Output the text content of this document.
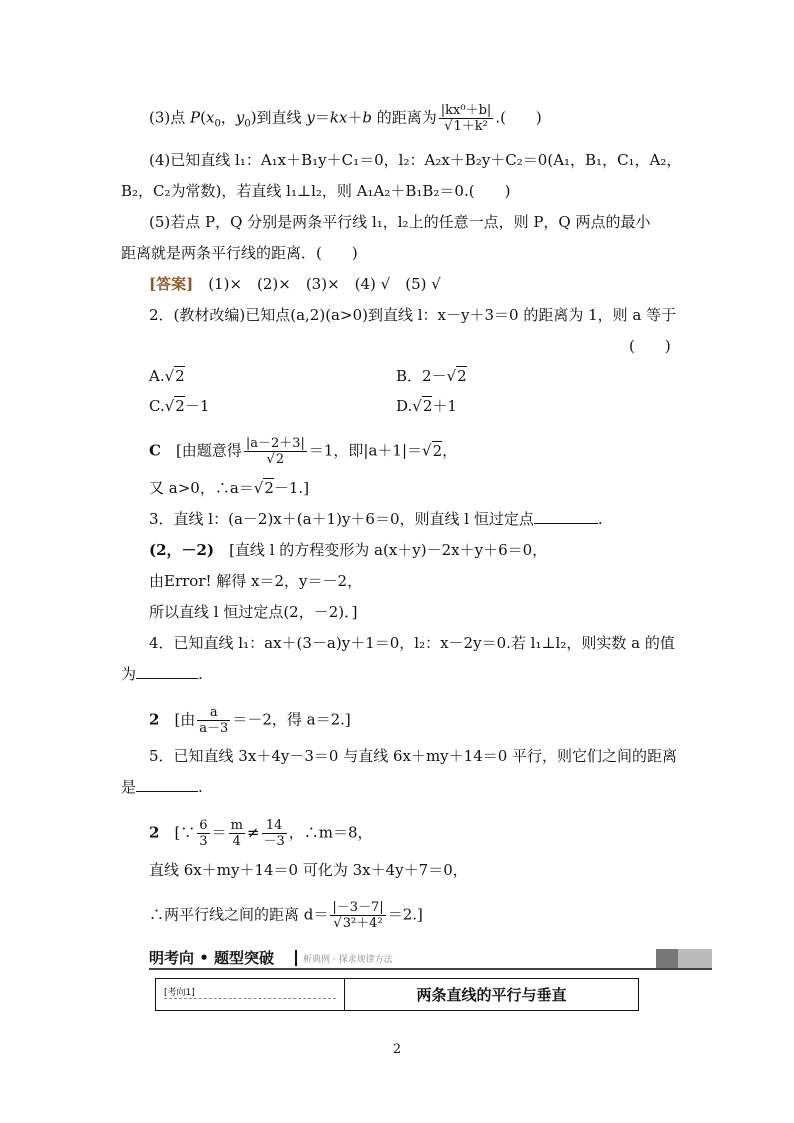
(3)点 $P(x_0$，$y_0$)到直线 y＝kx＋b 的距离为 $\frac{\text{|kx⁰＋b|}}{\text{√1＋k²}}$ .(　　)
(4)已知直线 l₁：A₁x＋B₁y＋C₁＝0，l₂：A₂x＋B₂y＋C₂＝0(A₁，B₁，C₁，A₂，
B₂，C₂为常数)，若直线 l₁⊥l₂，则 A₁A₂＋B₁B₂＝0.(　　)
(5)若点 P，Q 分别是两条平行线 l₁，l₂上的任意一点，则 P，Q 两点的最小
距离就是两条平行线的距离．(　　)
[答案]　(1)×　(2)×　(3)×　(4) √　(5) √
2．(教材改编)已知点(a,2)(a>0)到直线 l：x－y＋3＝0 的距离为 1，则 a 等于
(　　)
A.√2	B．2－√2
C.√2－1	D.√2＋1
C　[由题意得 $\frac{|a-2+3|}{√2} =1$，即|a＋1|＝√2，
又 a>0，∴a＝√2－1.]
3．直线 l：(a－2)x＋(a＋1)y＋6＝0，则直线 l 恒过定点	.
(2，－2)　[直线 l 的方程变形为 a(x＋y)－2x＋y＋6＝0，
由Error! 解得 x＝2，y＝－2，
所以直线 l 恒过定点(2，－2)．]
4．已知直线 l₁：ax＋(3－a)y＋1＝0，l₂：x－2y＝0.若 l₁⊥l₂，则实数 a 的值
为	.
2　[由 $\frac{a}{a-3} =-2$，得 a＝2.]
5．已知直线 3x＋4y－3＝0 与直线 6x＋my＋14＝0 平行，则它们之间的距离
是	.
2　[∵ $\frac{6}{3} = \frac{m}{4} \ne \frac{14}{-3}$ ，∴m＝8，
直线 6x＋my＋14＝0 可化为 3x＋4y＋7＝0，
∴两平行线之间的距离 $d= \frac{|-3-7|}{\text{√3²＋4²}} =2$.]
明考向 • 题型突破	析典例 · 探求规律方法
[考向1]	两条直线的平行与垂直
2
